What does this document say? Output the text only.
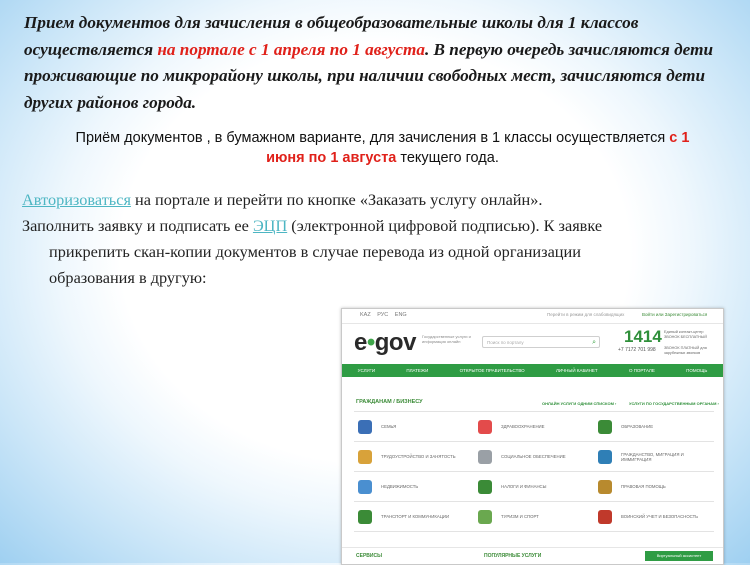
Прием документов для зачисления в общеобразовательные школы для 1 классов осуществляется на портале с 1 апреля по 1 августа. В первую очередь зачисляются дети проживающие по микрорайону школы, при наличии свободных мест, зачисляются дети других районов города.

Приём документов , в бумажном варианте, для зачисления в 1 классы осуществляется с 1 июня по 1 августа текущего года.

Авторизоваться на портале и перейти по кнопке «Заказать услугу онлайн».
Заполнить заявку и подписать ее ЭЦП (электронной цифровой подписью). К заявке
прикрепить скан-копии документов в случае перевода из одной организации
образования в другую:

KAZ РУС ENG	Перейти в режим для слабовидящих	Войти или Зарегистрироваться
e•gov Государственные услуги и информация онлайн	Поиск по порталу	⌕ 1414 Единый контакт-центр ЗВОНОК БЕСПЛАТНЫЙ
+7 7172 701 998 ЗВОНОК ПЛАТНЫЙ для зарубежных звонков
УСЛУГИ	ПЛАТЕЖИ	ОТКРЫТОЕ ПРАВИТЕЛЬСТВО	ЛИЧНЫЙ КАБИНЕТ	О ПОРТАЛЕ	ПОМОЩЬ
ГРАЖДАНАМ / БИЗНЕСУ	ОНЛАЙН УСЛУГИ ОДНИМ СПИСКОМ ›	УСЛУГИ ПО ГОСУДАРСТВЕННЫМ ОРГАНАМ ›
СЕМЬЯ	ЗДРАВООХРАНЕНИЕ	ОБРАЗОВАНИЕ
ТРУДОУСТРОЙСТВО И ЗАНЯТОСТЬ	СОЦИАЛЬНОЕ ОБЕСПЕЧЕНИЕ	ГРАЖДАНСТВО, МИГРАЦИЯ И ИММИГРАЦИЯ
НЕДВИЖИМОСТЬ	НАЛОГИ И ФИНАНСЫ	ПРАВОВАЯ ПОМОЩЬ
ТРАНСПОРТ И КОММУНИКАЦИИ	ТУРИЗМ И СПОРТ	ВОИНСКИЙ УЧЕТ И БЕЗОПАСНОСТЬ
СЕРВИСЫ	ПОПУЛЯРНЫЕ УСЛУГИ	Виртуальный ассистент
